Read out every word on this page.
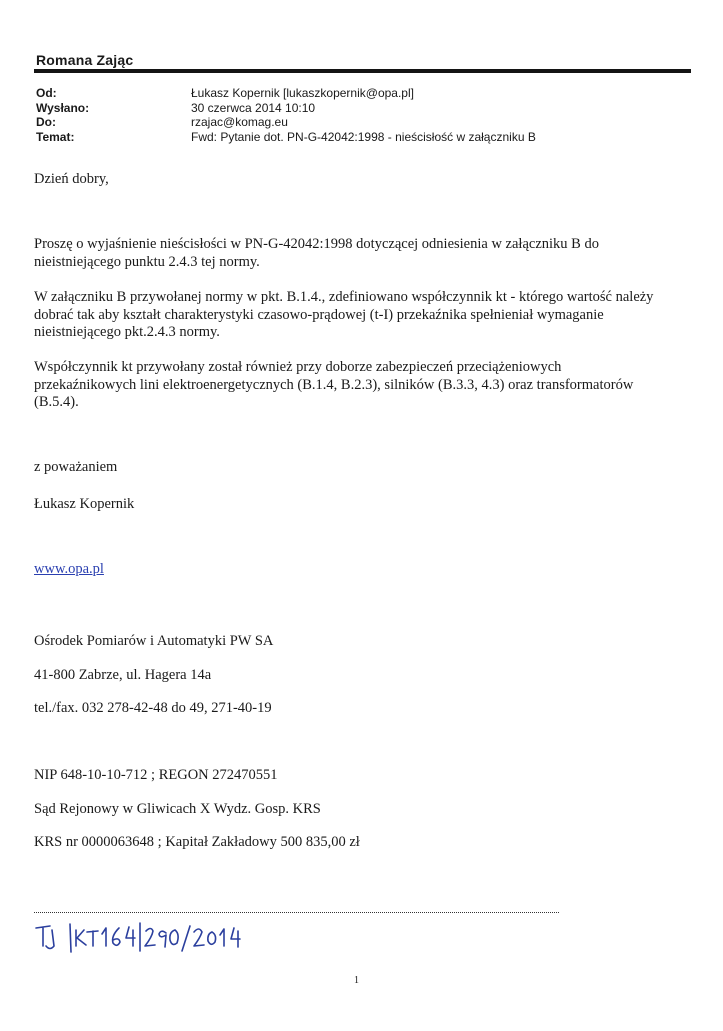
Romana Zając
Od:	Łukasz Kopernik [lukaszkopernik@opa.pl]
Wysłano:	30 czerwca 2014 10:10
Do:	rzajac@komag.eu
Temat:	Fwd: Pytanie dot. PN-G-42042:1998 - nieścisłość w załączniku B
Dzień dobry,
Proszę o wyjaśnienie nieścisłości w PN-G-42042:1998 dotyczącej odniesienia w załączniku B do
nieistniejącego punktu 2.4.3 tej normy.
W załączniku B przywołanej normy w pkt. B.1.4., zdefiniowano współczynnik kt - którego wartość należy
dobrać tak aby kształt charakterystyki czasowo-prądowej (t-I) przekaźnika spełnieniał wymaganie
nieistniejącego pkt.2.4.3 normy.
Współczynnik kt przywołany został również przy doborze zabezpieczeń przeciążeniowych
przekaźnikowych lini elektroenergetycznych (B.1.4, B.2.3), silników (B.3.3, 4.3) oraz transformatorów
(B.5.4).
z poważaniem
Łukasz Kopernik
www.opa.pl
Ośrodek Pomiarów i Automatyki PW SA
41-800 Zabrze, ul. Hagera 14a
tel./fax. 032 278-42-48 do 49, 271-40-19
NIP 648-10-10-712 ; REGON 272470551
Sąd Rejonowy w Gliwicach X Wydz. Gosp. KRS
KRS nr 0000063648 ; Kapitał Zakładowy 500 835,00 zł
1
